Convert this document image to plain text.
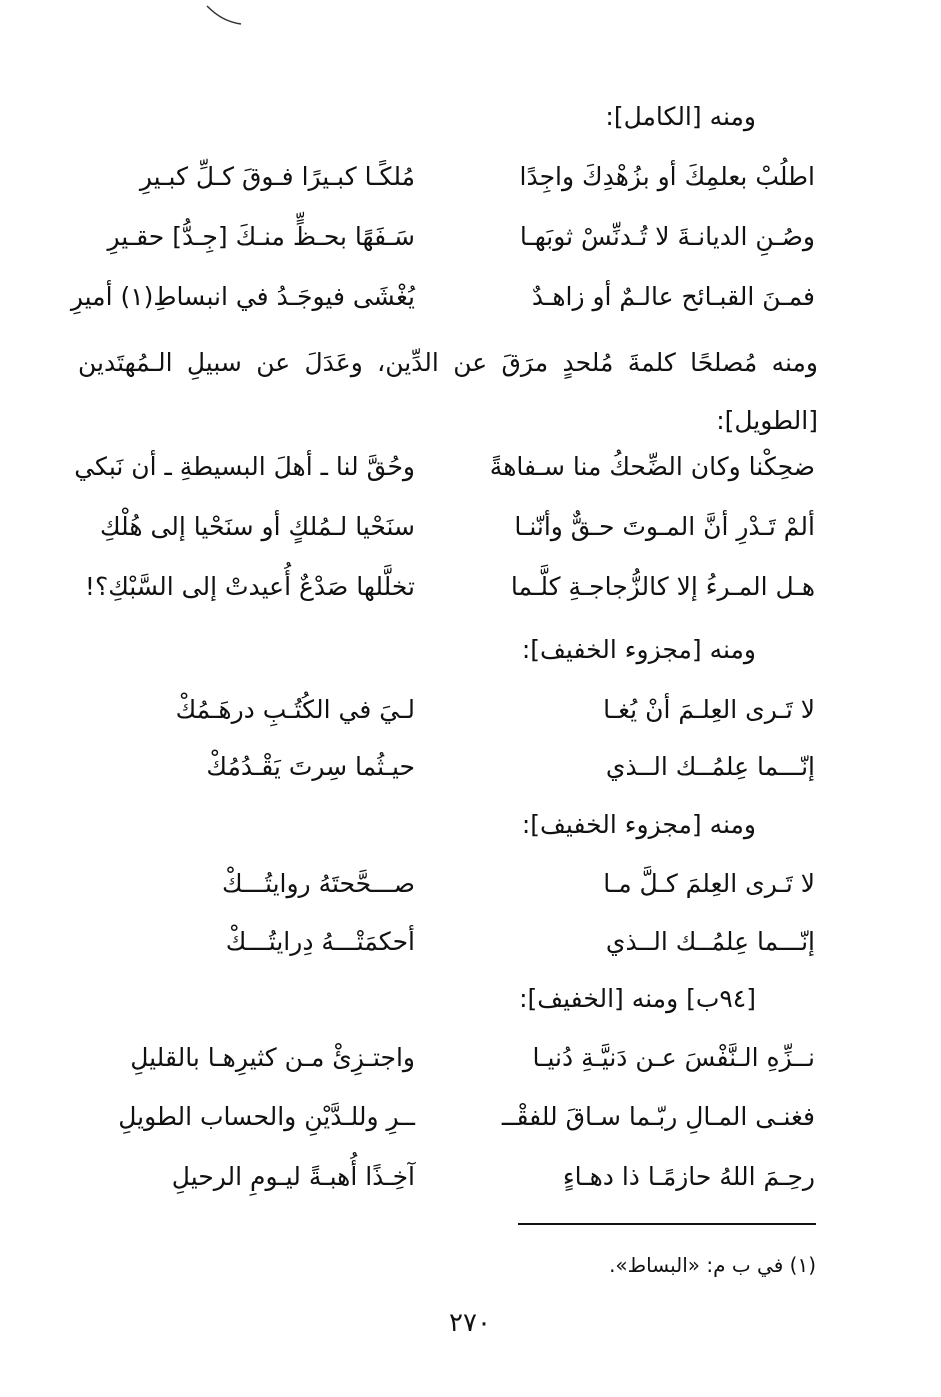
ومنه [الكامل]:
اطلُبْ بعلمِكَ أو بزُهْدِكَ واجِدًا
مُلكًـا كبـيرًا فـوقَ كـلِّ كبـيرِ
وصُـنِ الديانـةَ لا تُـدنِّسْ ثوبَهـا
سَـفَهًا بحـظٍّ منـكَ [جِـدُّ] حقـيرِ
فمـنَ القبـائح عالـمٌ أو زاهـدٌ
يُغْشَى فيوجَـدُ في انبساطِ(١) أميرِ
ومنه مُصلحًا كلمةَ مُلحدٍ مرَقَ عن الدِّين، وعَدَلَ عن سبيلِ الـمُهتَدين [الطويل]:
ضحِكْنا وكان الضِّحكُ منا سـفاهةً
وحُقَّ لنا ـ أهلَ البسيطةِ ـ أن نَبكي
ألمْ تَـدْرِ أنَّ المـوتَ حـقٌّ وأنّنـا
سنَحْيا لـمُلكٍ أو سنَحْيا إلى هُلْكِ
هـل المـرءُ إلا كالزُّجاجـةِ كلَّـما
تخلَّلها صَدْعٌ أُعيدتْ إلى السَّبْكِ؟!
ومنه [مجزوء الخفيف]:
لا تَـرى العِلـمَ أنْ يُغـا
لـيَ في الكُتُـبِ درهَـمُكْ
إنّـــما عِلمُــك الــذي
حيـثُما سِرتَ يَقْـدُمُكْ
ومنه [مجزوء الخفيف]:
لا تَـرى العِلمَ كـلَّ مـا
صـــحَّحتَهُ روايتُـــكْ
إنّـــما عِلمُــك الــذي
أحكمَتْـــهُ دِرايتُـــكْ
[٩٤ب] ومنه [الخفيف]:
نــزِّهِ الـنَّفْسَ عـن دَنيَّـةِ دُنيـا
واجتـزِئْ مـن كثيرِهـا بالقليلِ
فغنـى المـالِ ربّـما سـاقَ للفقْــ
ــرِ وللـدَّيْنِ والحساب الطويلِ
رحِـمَ اللهُ حازمًـا ذا دهـاءٍ
آخِـذًا أُهبـةً ليـومِ الرحيلِ
(١) في ب م: «البساط».
٢٧٠
